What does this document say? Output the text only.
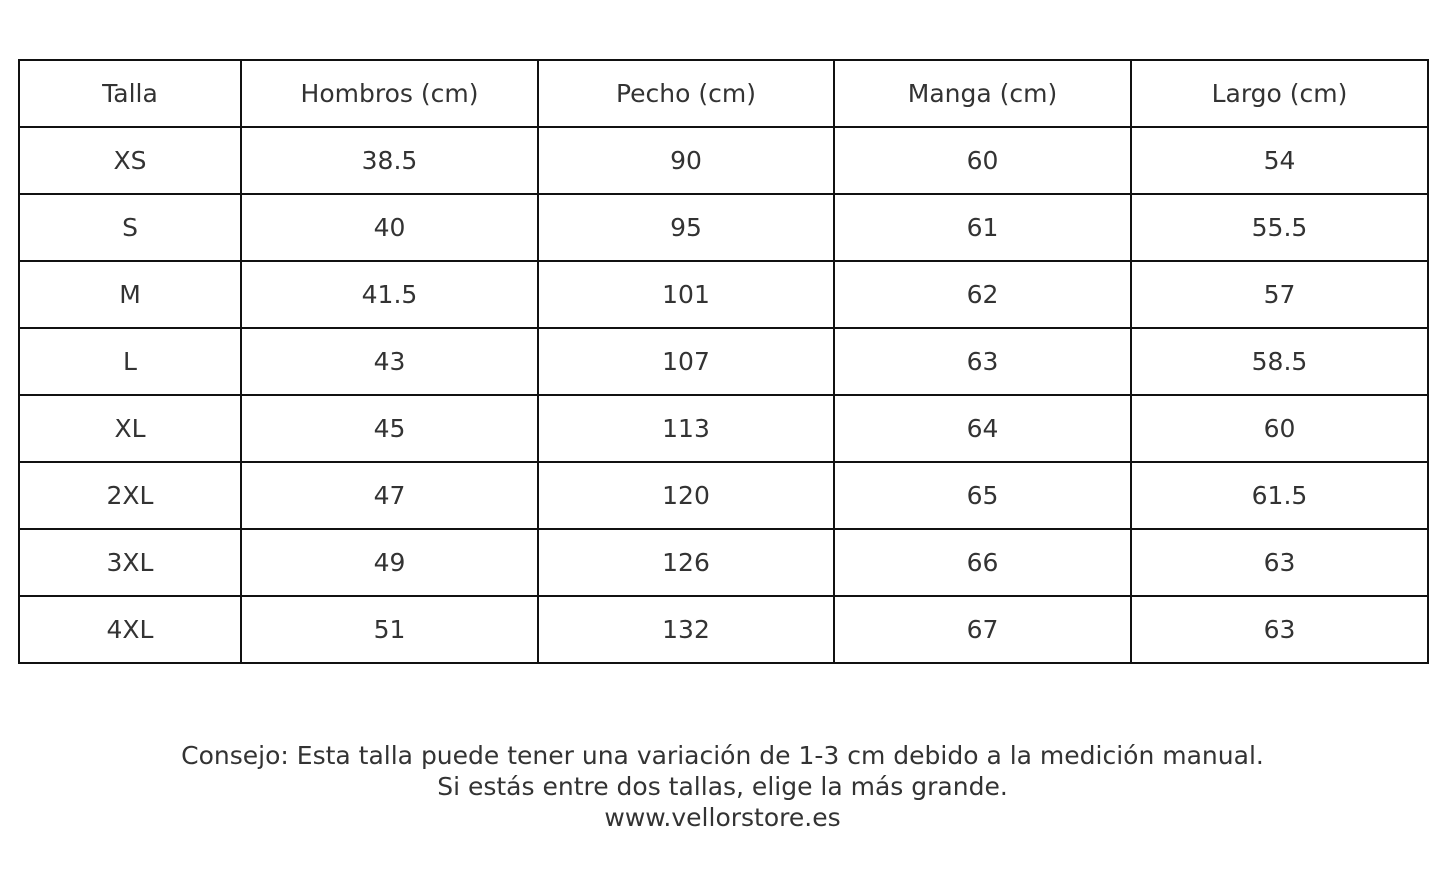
Talla	Hombros (cm)	Pecho (cm)	Manga (cm)	Largo (cm)
XS	38.5	90	60	54
S	40	95	61	55.5
M	41.5	101	62	57
L	43	107	63	58.5
XL	45	113	64	60
2XL	47	120	65	61.5
3XL	49	126	66	63
4XL	51	132	67	63
Consejo: Esta talla puede tener una variación de 1-3 cm debido a la medición manual.
Si estás entre dos tallas, elige la más grande.
www.vellorstore.es
